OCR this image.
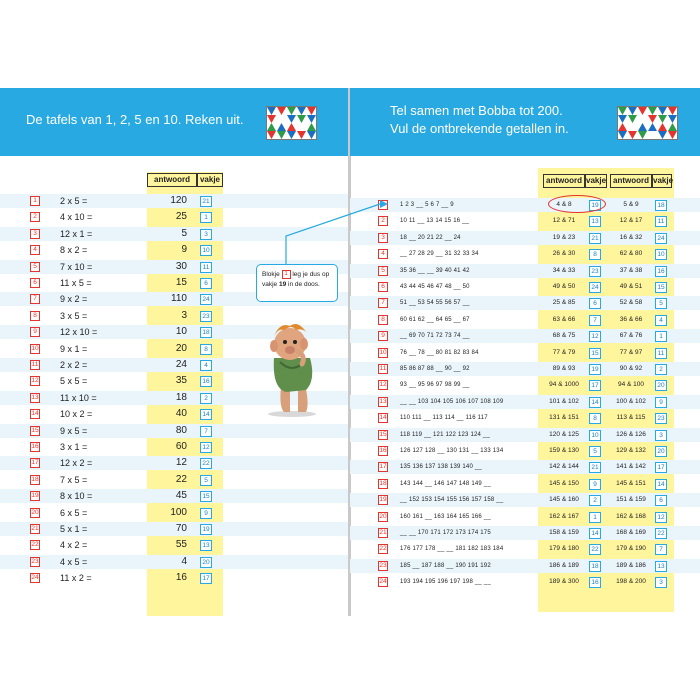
De tafels van 1, 2, 5 en 10. Reken uit.
antwoord	vakje
1	2 x 5 =	120	21
2	4 x 10 =	25	1
3	12 x 1 =	5	3
4	8 x 2 =	9	10
5	7 x 10 =	30	11
6	11 x 5 =	15	6
7	9 x 2 =	110	24
8	3 x 5 =	3	23
9	12 x 10 =	10	18
10 9 x 1 =	20	8
11 2 x 2 =	24	4
12 5 x 5 =	35	16
13 11 x 10 =	18	2
14 10 x 2 =	40	14
15 9 x 5 =	80	7
16 3 x 1 =	60	12
17 12 x 2 =	12	22
18 7 x 5 =	22	5
19 8 x 10 =	45	15
20 6 x 5 =	100	9
21 5 x 1 =	70	19
22 4 x 2 =	55	13
23 4 x 5 =	4	20
24 11 x 2 =	16	17
Tel samen met Bobba tot 200.
Vul de ontbrekende getallen in.
antwoord vakje antwoord vakje
1 2 3 __ 5 6 7 __ 9	4 & 8	19	5 & 9	18
2	10 11 __ 13 14 15 16 __	12 & 71	13	12 & 17	11
3	18 __ 20 21 22 __ 24	19 & 23	21	16 & 32	24
4	__ 27 28 29 __ 31 32 33 34	26 & 30	8	62 & 80	10
5	35 36 __ __ 39 40 41 42	34 & 33	23	37 & 38	16
6	43 44 45 46 47 48 __ 50	49 & 50	24	49 & 51	15
7	51 __ 53 54 55 56 57 __	25 & 85	6	52 & 58	5
8	60 61 62 __ 64 65 __ 67	63 & 66	7	36 & 66	4
9	__ 69 70 71 72 73 74 __	68 & 75	12	67 & 76	1
10 76 __ 78 __ 80 81 82 83 84	77 & 79	15	77 & 97	11
11 85 86 87 88 __ 90 __ 92	89 & 93	19	90 & 92	2
12 93 __ 95 96 97 98 99 __	94 & 1000	17	94 & 100	20
13 __ __ 103 104 105 106 107 108 109	101 & 102	14	100 & 102	9
14 110 111 __ 113 114 __ 116 117	131 & 151	8	113 & 115	23
15 118 119 __ 121 122 123 124 __	120 & 125	10	126 & 126	3
16 126 127 128 __ 130 131 __ 133 134	159 & 130	5	129 & 132	20
17 135 136 137 138 139 140 __	142 & 144	21	141 & 142	17
18 143 144 __ 146 147 148 149 __	145 & 150	9	145 & 151	14
19 __ 152 153 154 155 156 157 158 __	145 & 160	2	151 & 159	6
20 160 161 __ 163 164 165 166 __	162 & 167	1	162 & 168	12
21 __ __ 170 171 172 173 174 175	158 & 159	14	168 & 169	22
22 176 177 178 __ __ 181 182 183 184	179 & 180	22	179 & 190	7
23 185 __ 187 188 __ 190 191 192	186 & 189	18	189 & 186	13
24 193 194 195 196 197 198 __ __	189 & 300	16	198 & 200	3
Blokje 1 leg je dus op vakje 19 in de doos.
